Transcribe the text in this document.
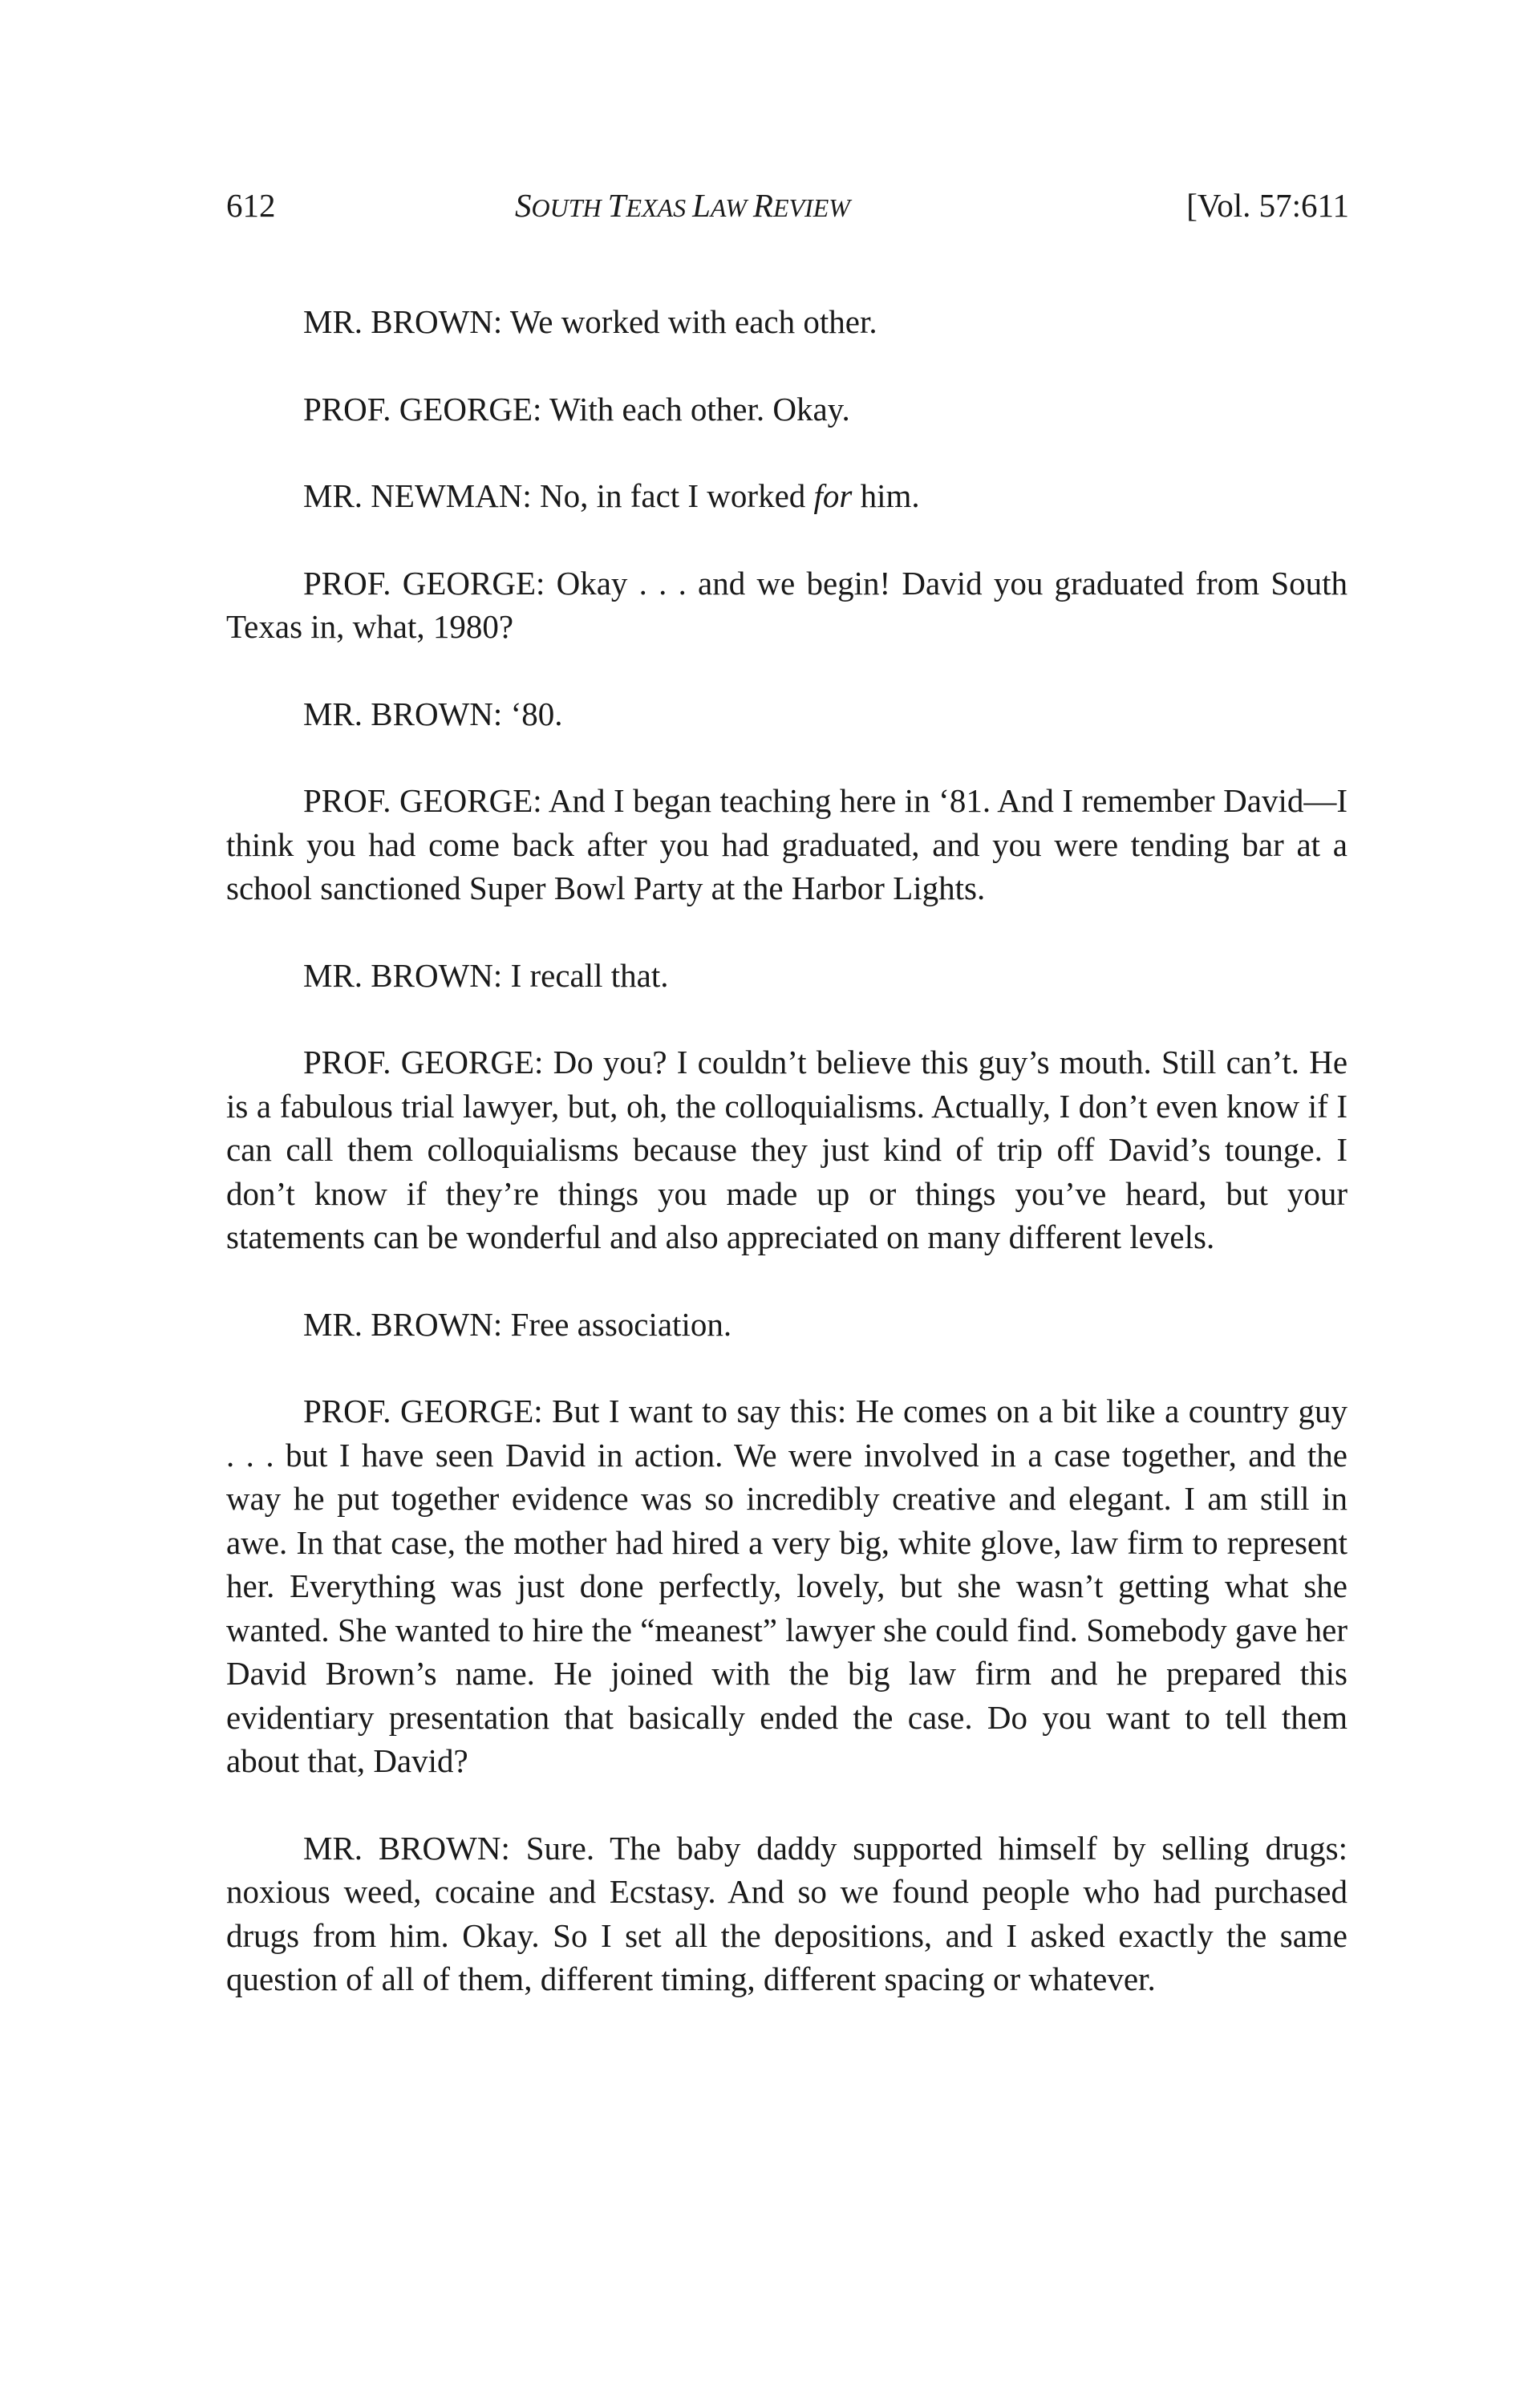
612	SOUTH TEXAS LAW REVIEW	[Vol. 57:611

MR. BROWN: We worked with each other.

PROF. GEORGE: With each other. Okay.

MR. NEWMAN: No, in fact I worked for him.

PROF. GEORGE: Okay . . . and we begin! David you graduated from South Texas in, what, 1980?

MR. BROWN: ‘80.

PROF. GEORGE: And I began teaching here in ‘81. And I remember David—I think you had come back after you had graduated, and you were tending bar at a school sanctioned Super Bowl Party at the Harbor Lights.

MR. BROWN: I recall that.

PROF. GEORGE: Do you? I couldn’t believe this guy’s mouth. Still can’t. He is a fabulous trial lawyer, but, oh, the colloquialisms. Actually, I don’t even know if I can call them colloquialisms because they just kind of trip off David’s tounge. I don’t know if they’re things you made up or things you’ve heard, but your statements can be wonderful and also appreciated on many different levels.

MR. BROWN: Free association.

PROF. GEORGE: But I want to say this: He comes on a bit like a country guy . . . but I have seen David in action. We were involved in a case together, and the way he put together evidence was so incredibly creative and elegant. I am still in awe. In that case, the mother had hired a very big, white glove, law firm to represent her. Everything was just done perfectly, lovely, but she wasn’t getting what she wanted. She wanted to hire the “meanest” lawyer she could find. Somebody gave her David Brown’s name. He joined with the big law firm and he prepared this evidentiary presentation that basically ended the case. Do you want to tell them about that, David?

MR. BROWN: Sure. The baby daddy supported himself by selling drugs: noxious weed, cocaine and Ecstasy. And so we found people who had purchased drugs from him. Okay. So I set all the depositions, and I asked exactly the same question of all of them, different timing, different spacing or whatever.
